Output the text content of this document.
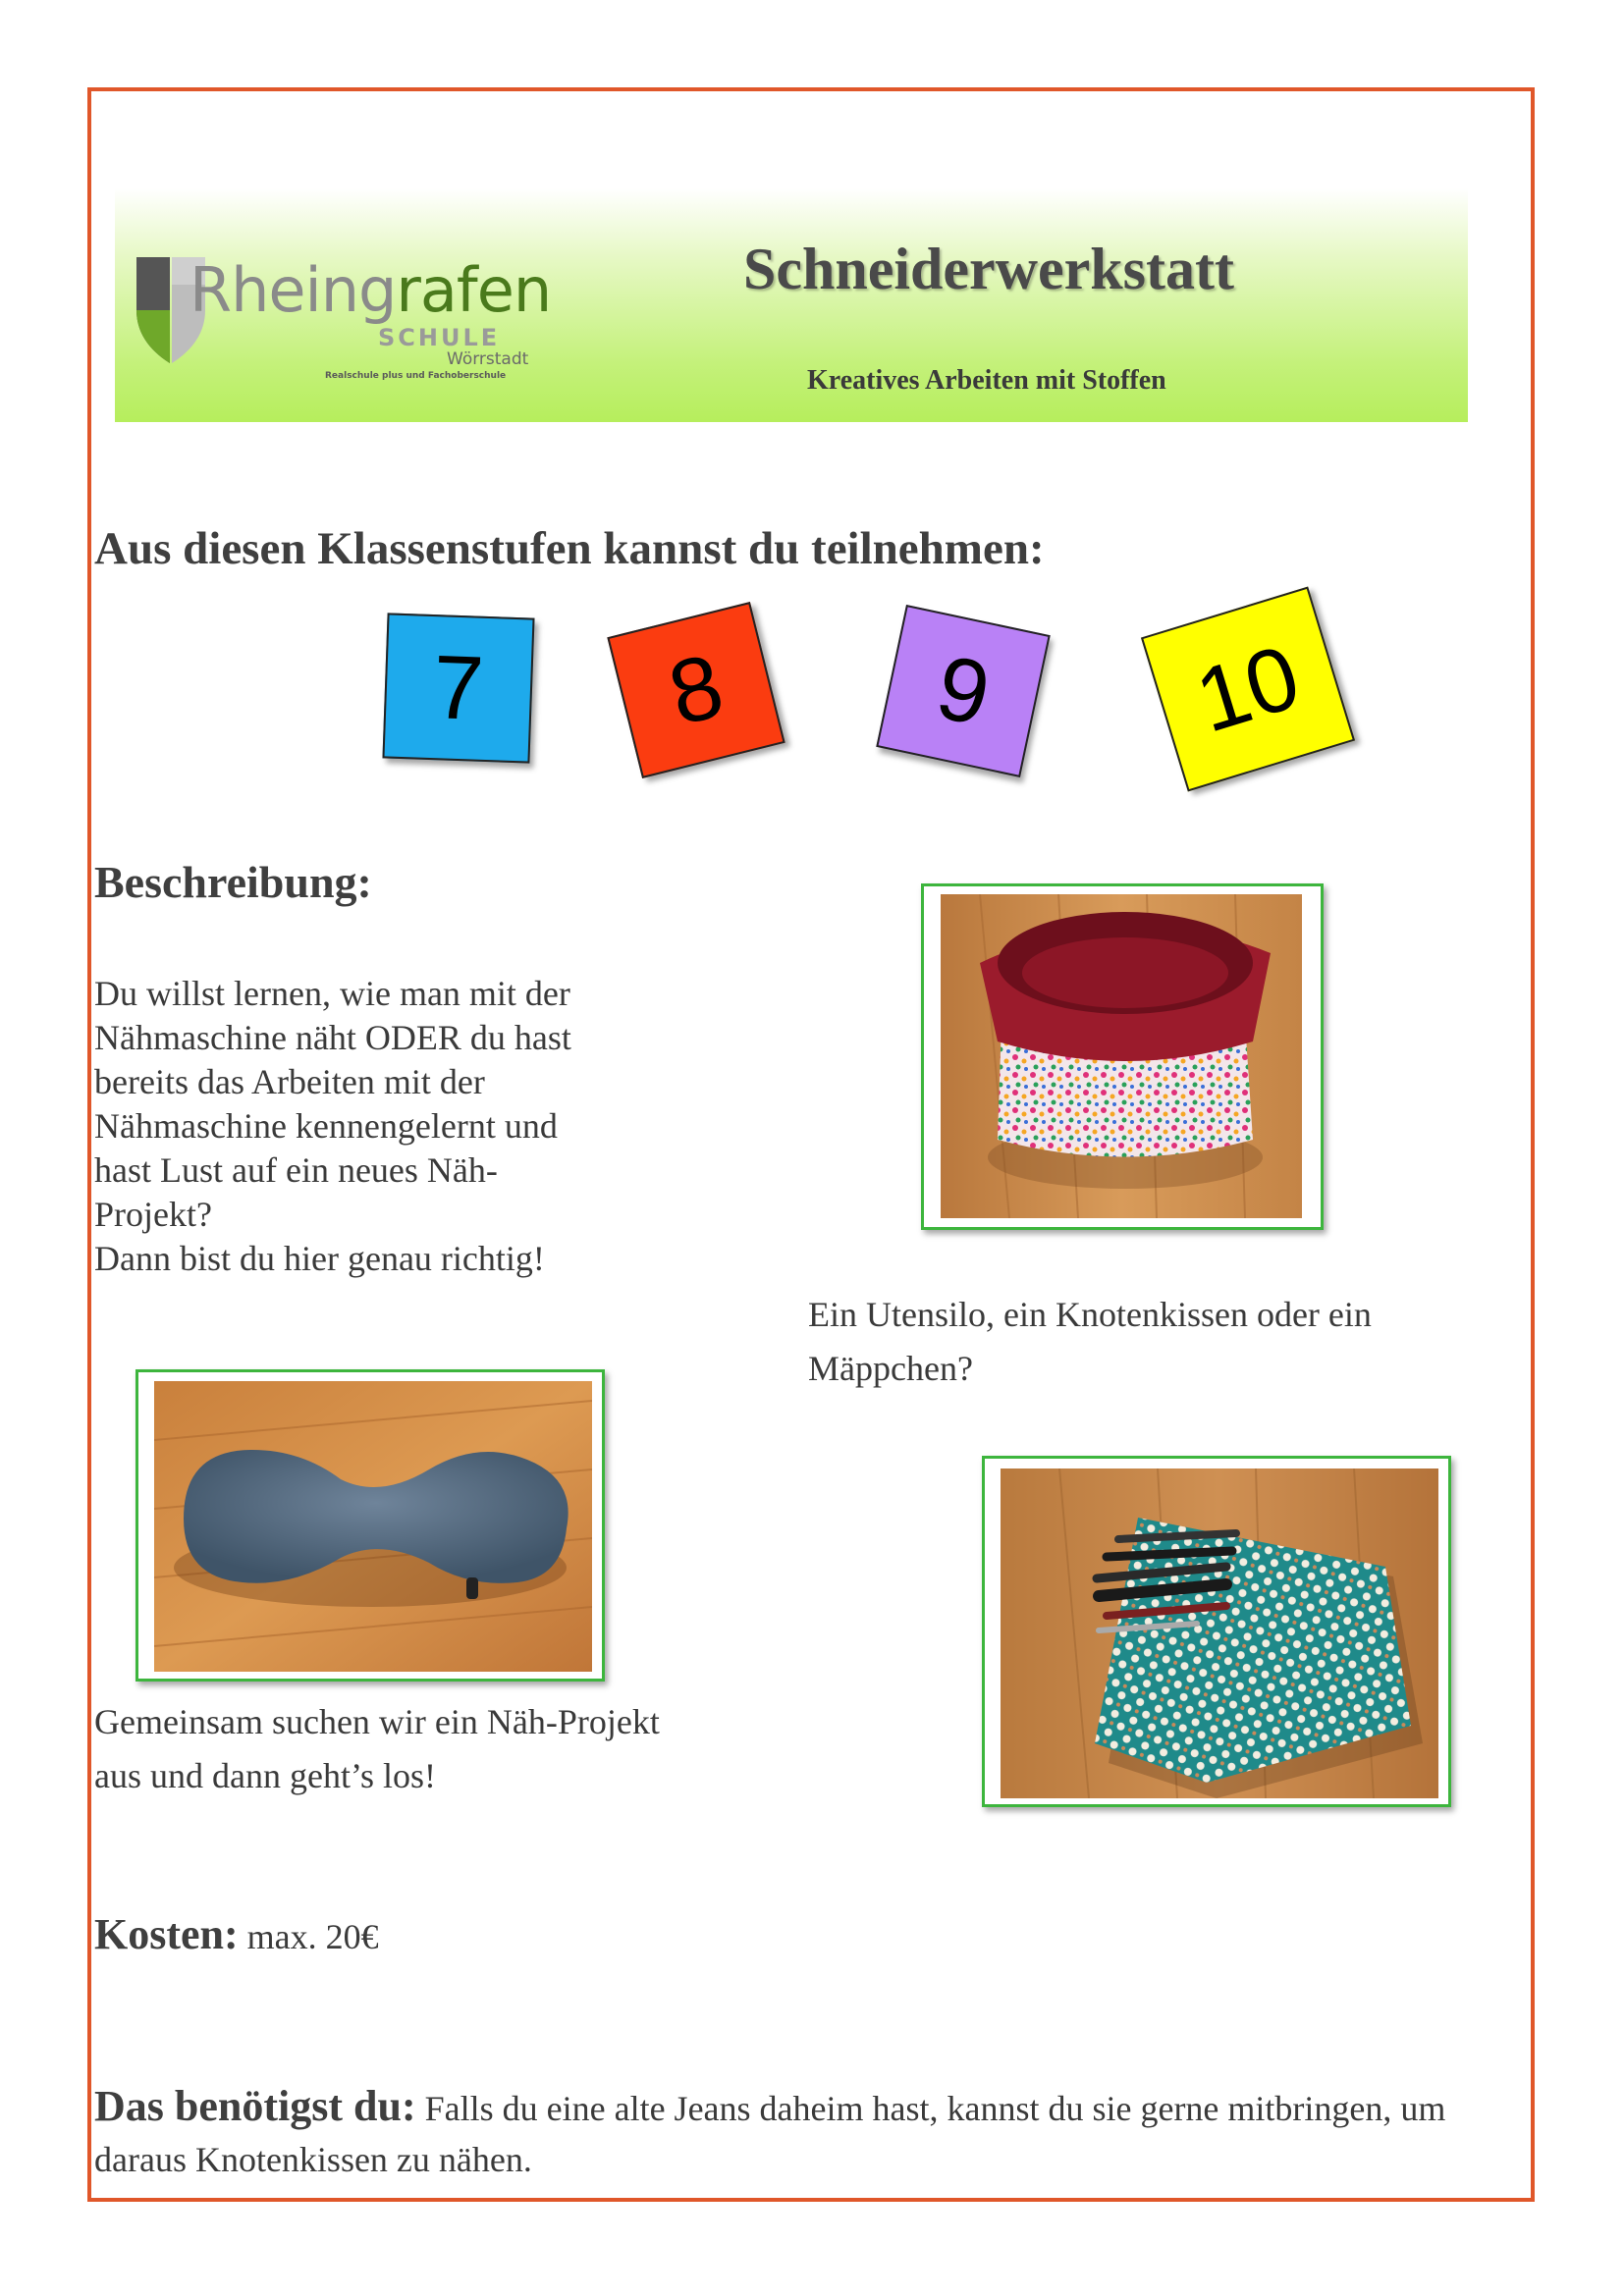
Rheingrafen
SCHULE
Wörrstadt
Realschule plus und Fachoberschule
Schneiderwerkstatt
Kreatives Arbeiten mit Stoffen
Aus diesen Klassenstufen kannst du teilnehmen:
7	8	9	10
Beschreibung:

Du willst lernen, wie man mit der

Nähmaschine näht ODER du hast

bereits das Arbeiten mit der

Nähmaschine kennengelernt und

hast Lust auf ein neues Näh-

Projekt?

Dann bist du hier genau richtig!

Ein Utensilo, ein Knotenkissen oder ein
Mäppchen?

Gemeinsam suchen wir ein Näh-Projekt
aus und dann geht’s los!

Kosten: max. 20€

Das benötigst du: Falls du eine alte Jeans daheim hast, kannst du sie gerne mitbringen, um daraus Knotenkissen zu nähen.
